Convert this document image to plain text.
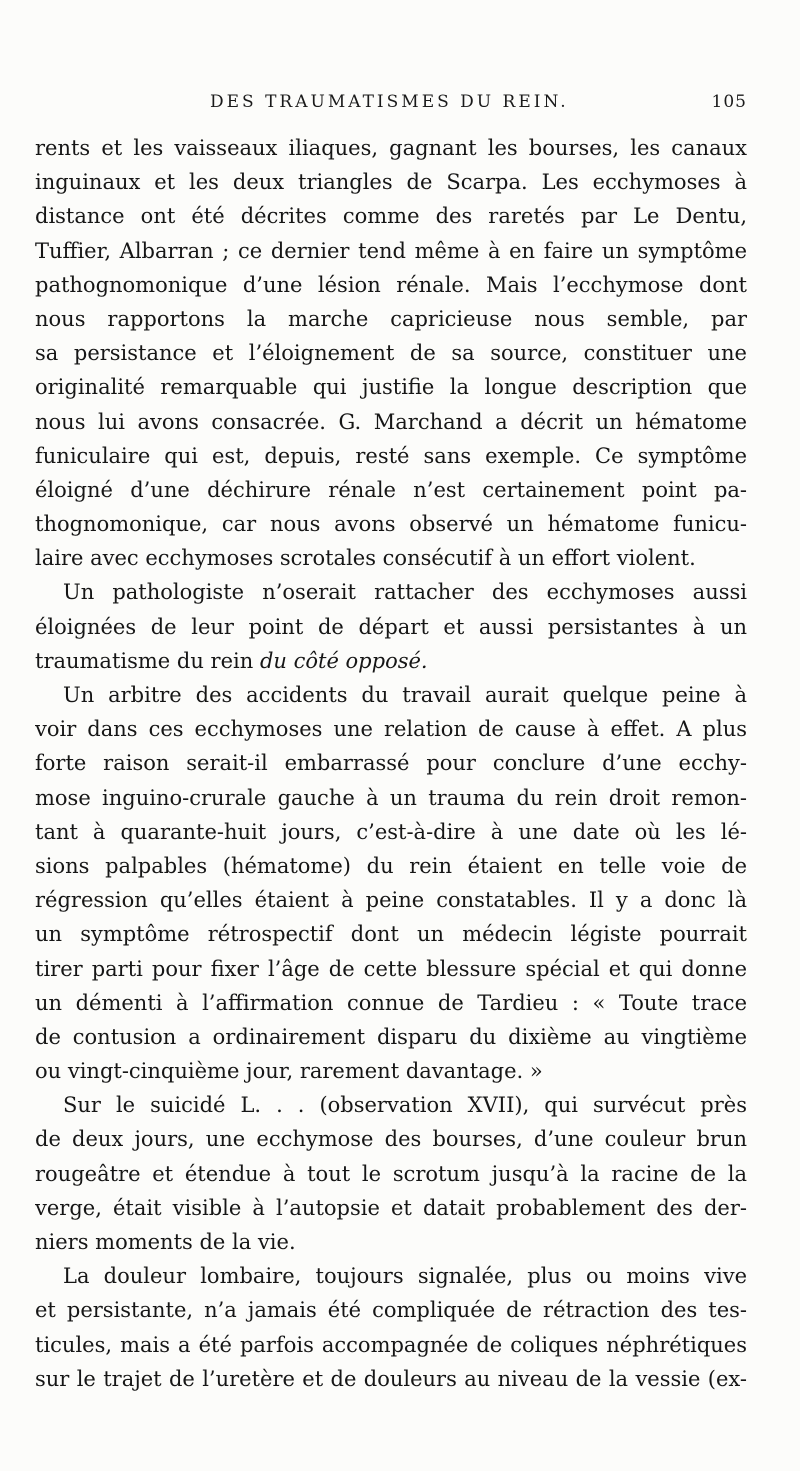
DES TRAUMATISMES DU REIN.	105
rents et les vaisseaux iliaques, gagnant les bourses, les canaux
inguinaux et les deux triangles de Scarpa. Les ecchymoses à
distance ont été décrites comme des raretés par Le Dentu,
Tuffier, Albarran ; ce dernier tend même à en faire un symptôme
pathognomonique d’une lésion rénale. Mais l’ecchymose dont
nous rapportons la marche capricieuse nous semble, par
sa persistance et l’éloignement de sa source, constituer une
originalité remarquable qui justifie la longue description que
nous lui avons consacrée. G. Marchand a décrit un hématome
funiculaire qui est, depuis, resté sans exemple. Ce symptôme
éloigné d’une déchirure rénale n’est certainement point pa-
thognomonique, car nous avons observé un hématome funicu-
laire avec ecchymoses scrotales consécutif à un effort violent.
Un pathologiste n’oserait rattacher des ecchymoses aussi
éloignées de leur point de départ et aussi persistantes à un
traumatisme du rein du côté opposé.
Un arbitre des accidents du travail aurait quelque peine à
voir dans ces ecchymoses une relation de cause à effet. A plus
forte raison serait-il embarrassé pour conclure d’une ecchy-
mose inguino-crurale gauche à un trauma du rein droit remon-
tant à quarante-huit jours, c’est-à-dire à une date où les lé-
sions palpables (hématome) du rein étaient en telle voie de
régression qu’elles étaient à peine constatables. Il y a donc là
un symptôme rétrospectif dont un médecin légiste pourrait
tirer parti pour fixer l’âge de cette blessure spécial et qui donne
un démenti à l’affirmation connue de Tardieu : « Toute trace
de contusion a ordinairement disparu du dixième au vingtième
ou vingt-cinquième jour, rarement davantage. »
Sur le suicidé L. . . (observation XVII), qui survécut près
de deux jours, une ecchymose des bourses, d’une couleur brun
rougeâtre et étendue à tout le scrotum jusqu’à la racine de la
verge, était visible à l’autopsie et datait probablement des der-
niers moments de la vie.
La douleur lombaire, toujours signalée, plus ou moins vive
et persistante, n’a jamais été compliquée de rétraction des tes-
ticules, mais a été parfois accompagnée de coliques néphrétiques
sur le trajet de l’uretère et de douleurs au niveau de la vessie (ex-
